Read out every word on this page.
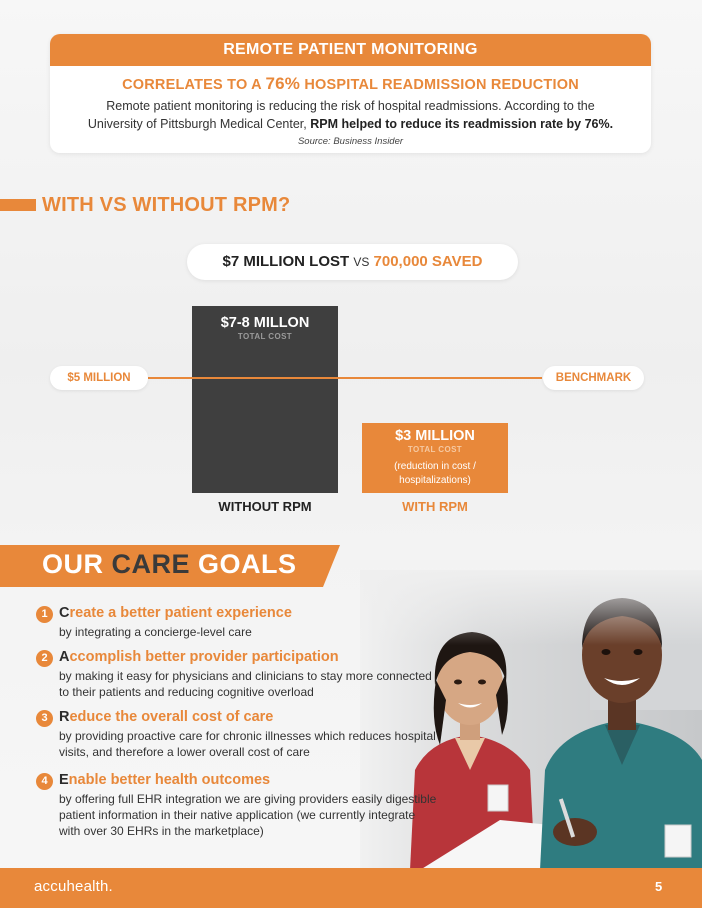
REMOTE PATIENT MONITORING
CORRELATES TO A 76% HOSPITAL READMISSION REDUCTION
Remote patient monitoring is reducing the risk of hospital readmissions. According to the
University of Pittsburgh Medical Center, RPM helped to reduce its readmission rate by 76%.
Source: Business Insider
WITH VS WITHOUT RPM?
$7 MILLION LOST VS 700,000 SAVED
$7-8 MILLON
TOTAL COST
$3 MILLION
TOTAL COST
(reduction in cost /
hospitalizations)
$5 MILLION	BENCHMARK
WITHOUT RPM	WITH RPM
OUR CARE GOALS
1 Create a better patient experience
by integrating a concierge-level care
2 Accomplish better provider participation
by making it easy for physicians and clinicians to stay more connected to their patients and reducing cognitive overload
3 Reduce the overall cost of care
by providing proactive care for chronic illnesses which reduces hospital visits, and therefore a lower overall cost of care
4 Enable better health outcomes
by offering full EHR integration we are giving providers easily digestible patient information in their native application (we currently integrate with over 30 EHRs in the marketplace)
accuhealth.	5
